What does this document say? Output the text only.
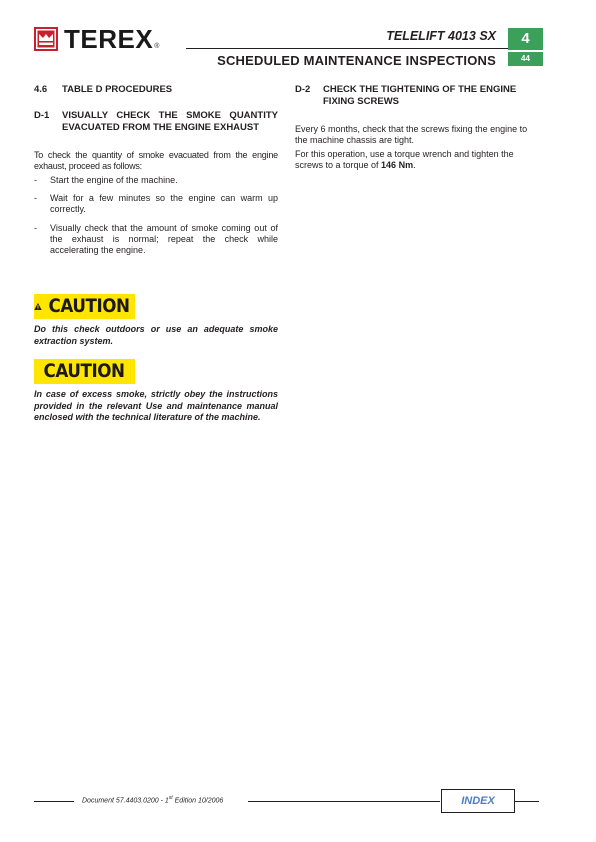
TEREX ®
TELELIFT 4013 SX
SCHEDULED MAINTENANCE INSPECTIONS
4
44
4.6	TABLE D PROCEDURES
D-1	VISUALLY CHECK THE SMOKE QUANTITY EVACUATED FROM THE ENGINE EXHAUST
To check the quantity of smoke evacuated from the engine exhaust, proceed as follows:
- Start the engine of the machine.
- Wait for a few minutes so the engine can warm up correctly.
- Visually check that the amount of smoke coming out of the exhaust is normal; repeat the check while accelerating the engine.
CAUTION
Do this check outdoors or use an adequate smoke extraction system.
CAUTION
In case of excess smoke, strictly obey the instructions provided in the relevant Use and maintenance manual enclosed with the technical literature of the machine.
D-2	CHECK THE TIGHTENING OF THE ENGINE FIXING SCREWS
Every 6 months, check that the screws fixing the engine to the machine chassis are tight.
For this operation, use a torque wrench and tighten the screws to a torque of 146 Nm.
Document 57.4403.0200 - 1st Edition 10/2006	INDEX
